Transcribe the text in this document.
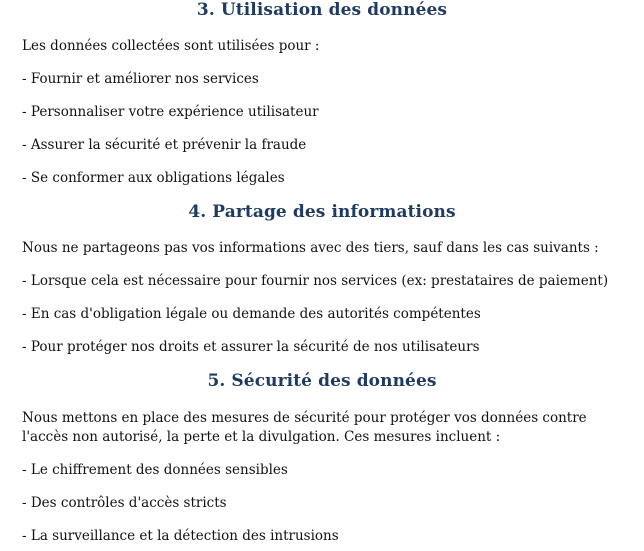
3. Utilisation des données

Les données collectées sont utilisées pour :

- Fournir et améliorer nos services

- Personnaliser votre expérience utilisateur

- Assurer la sécurité et prévenir la fraude

- Se conformer aux obligations légales

4. Partage des informations

Nous ne partageons pas vos informations avec des tiers, sauf dans les cas suivants :

- Lorsque cela est nécessaire pour fournir nos services (ex: prestataires de paiement)

- En cas d'obligation légale ou demande des autorités compétentes

- Pour protéger nos droits et assurer la sécurité de nos utilisateurs

5. Sécurité des données

Nous mettons en place des mesures de sécurité pour protéger vos données contre l'accès non autorisé, la perte et la divulgation. Ces mesures incluent :

- Le chiffrement des données sensibles

- Des contrôles d'accès stricts

- La surveillance et la détection des intrusions
